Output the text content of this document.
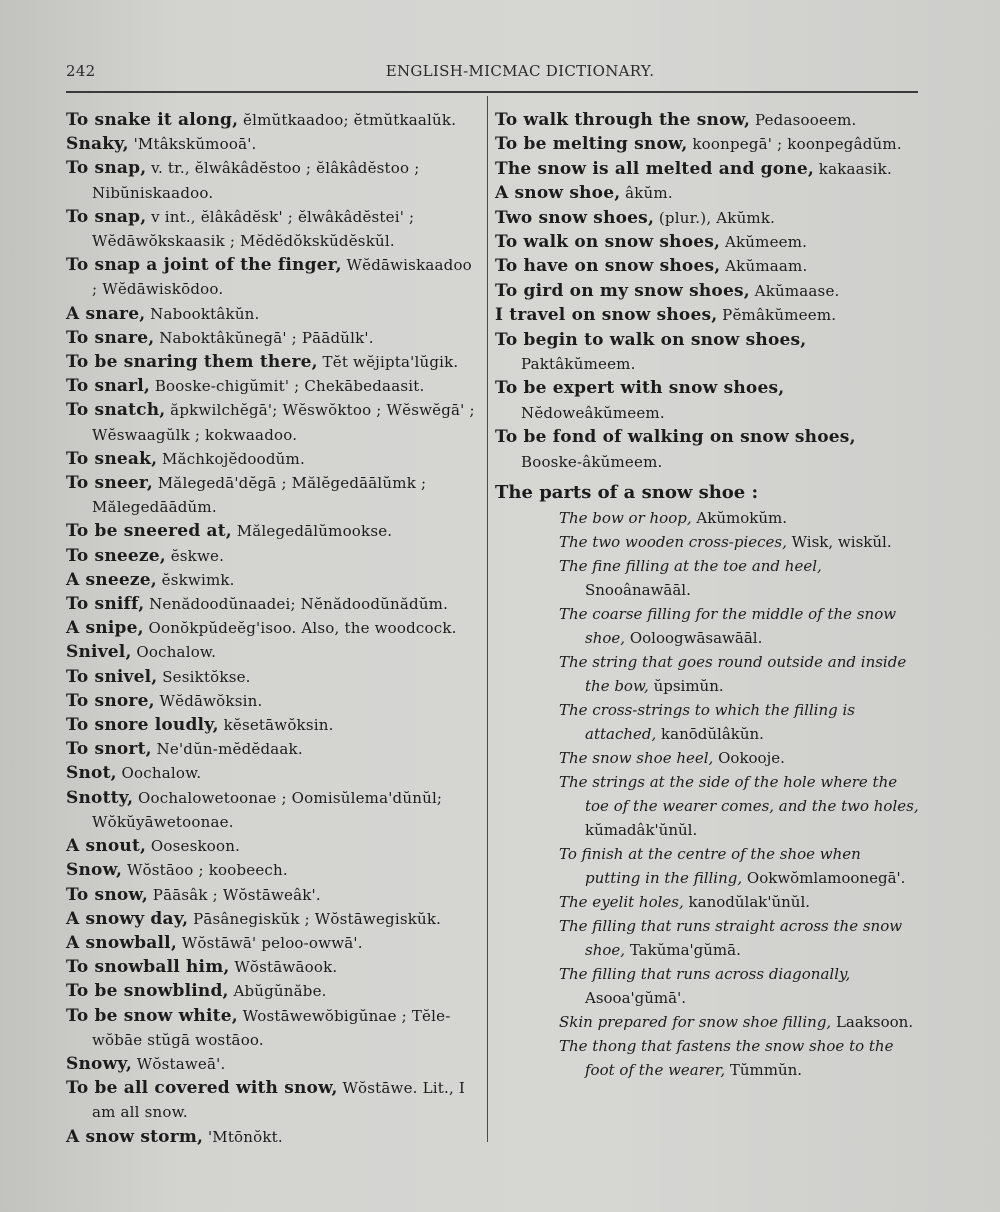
242	ENGLISH-MICMAC DICTIONARY.
To snake it along, ĕlmŭtkaadoo; ĕtmŭtkaalŭk.
Snaky, 'Mtâkskŭmooā'.
To snap, v. tr., ĕlwâkâdĕstoo ; ĕlâkâdĕstoo ; Nibŭniskaadoo.
To snap, v int., ĕlâkâdĕsk' ; ĕlwâkâdĕstei' ; Wĕdāwŏkskaasik ; Mĕdĕdŏkskŭdĕskŭl.
To snap a joint of the finger, Wĕdāwiskaadoo ; Wĕdāwiskōdoo.
A snare, Nabooktâkŭn.
To snare, Naboktâkŭnegā' ; Pāādŭlk'.
To be snaring them there, Tĕt wĕjipta'lŭgik.
To snarl, Booske-chigŭmit' ; Chekābedaasit.
To snatch, ăpkwilchĕgā'; Wĕswŏktoo ; Wĕswĕgā' ; Wĕswaagŭlk ; kokwaadoo.
To sneak, Măchkojĕdoodŭm.
To sneer, Mălegedā'dĕgā ; Mălĕgedāālŭmk ; Mălegedāādŭm.
To be sneered at, Mălegedālŭmookse.
To sneeze, ĕskwe.
A sneeze, ĕskwimk.
To sniff, Nenădoodŭnaadei; Nĕnădoodŭnădŭm.
A snipe, Oonŏkpŭdeĕg'isoo. Also, the woodcock.
Snivel, Oochalow.
To snivel, Sesiktŏkse.
To snore, Wĕdāwŏksin.
To snore loudly, kĕsetāwŏksin.
To snort, Ne'dŭn-mĕdĕdaak.
Snot, Oochalow.
Snotty, Oochalowetoonae ; Oomisŭlema'dŭnŭl; Wŏkŭyāwetoonae.
A snout, Ooseskoon.
Snow, Wŏstāoo ; koobeech.
To snow, Pāāsâk ; Wŏstāweâk'.
A snowy day, Pāsânegiskŭk ; Wŏstāwegiskŭk.
A snowball, Wŏstāwā' peloo-owwā'.
To snowball him, Wŏstāwāook.
To be snowblind, Abŭgŭnăbe.
To be snow white, Wostāwewŏbigŭnae ; Tĕle-wŏbāe stŭgā wostāoo.
Snowy, Wŏstaweā'.
To be all covered with snow, Wŏstāwe. Lit., I am all snow.
A snow storm, 'Mtōnŏkt.
To walk through the snow, Pedasooeem.
To be melting snow, koonpegā' ; koonpegâdŭm.
The snow is all melted and gone, kakaasik.
A snow shoe, âkŭm.
Two snow shoes, (plur.), Akŭmk.
To walk on snow shoes, Akŭmeem.
To have on snow shoes, Akŭmaam.
To gird on my snow shoes, Akŭmaase.
I travel on snow shoes, Pĕmâkŭmeem.
To begin to walk on snow shoes, Paktâkŭmeem.
To be expert with snow shoes, Nĕdoweâkŭmeem.
To be fond of walking on snow shoes, Booske-âkŭmeem.
The parts of a snow shoe :
The bow or hoop, Akŭmokŭm.
The two wooden cross-pieces, Wisk, wiskŭl.
The fine filling at the toe and heel, Snooânawāāl.
The coarse filling for the middle of the snow shoe, Ooloogwāsawāāl.
The string that goes round outside and inside the bow, ŭpsimŭn.
The cross-strings to which the filling is attached, kanōdŭlâkŭn.
The snow shoe heel, Ookooje.
The strings at the side of the hole where the toe of the wearer comes, and the two holes, kŭmadâk'ŭnŭl.
To finish at the centre of the shoe when putting in the filling, Ookwŏmlamoonegā'.
The eyelit holes, kanodŭlak'ŭnŭl.
The filling that runs straight across the snow shoe, Takŭma'gŭmā.
The filling that runs across diagonally, Asooa'gŭmā'.
Skin prepared for snow shoe filling, Laaksoon.
The thong that fastens the snow shoe to the foot of the wearer, Tŭmmŭn.
